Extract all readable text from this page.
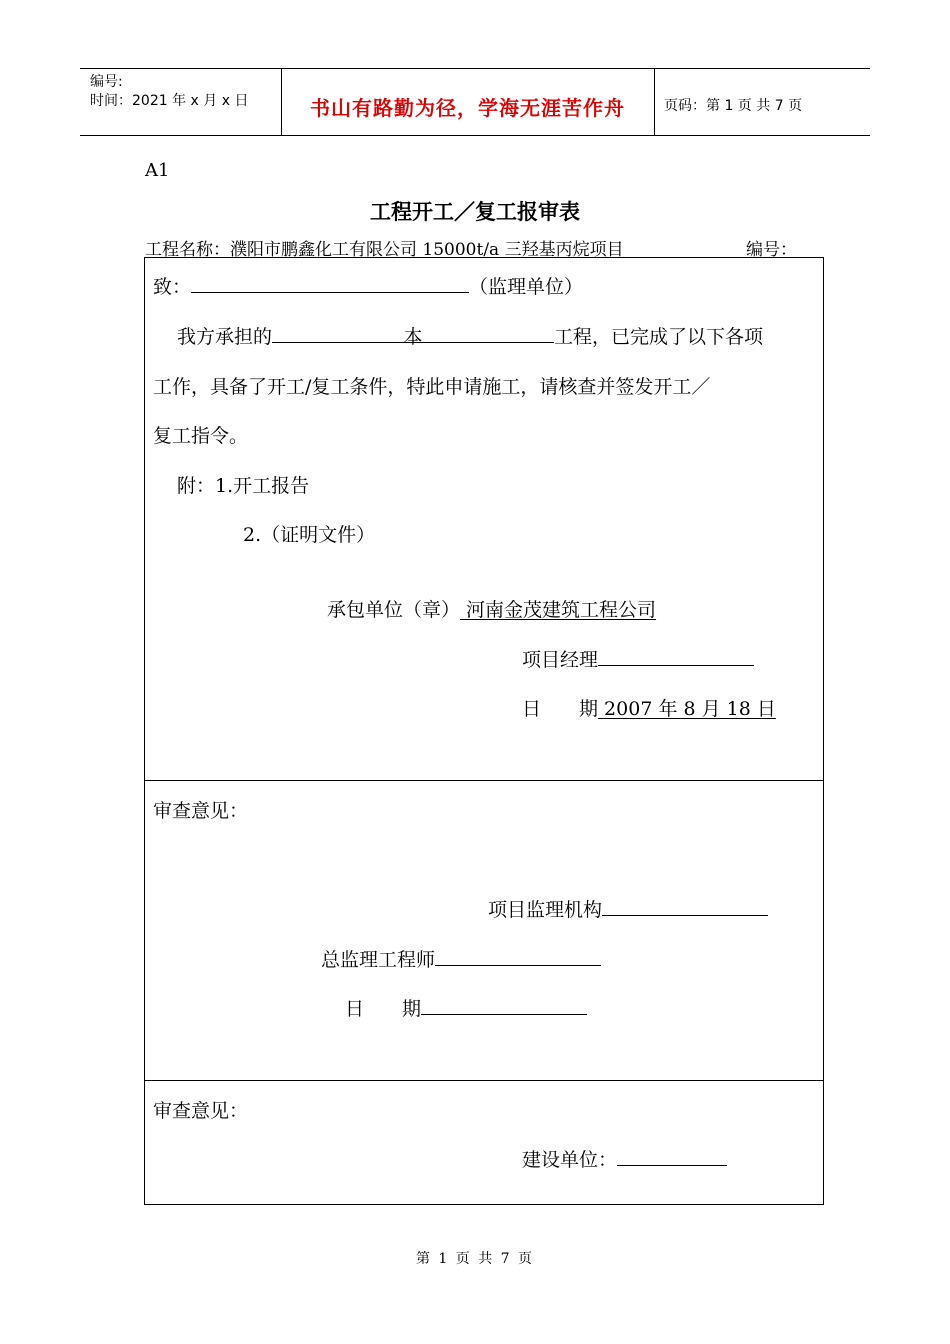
编号:
时间：2021 年 x 月 x 日	书山有路勤为径，学海无涯苦作舟	页码：第 1 页 共 7 页
A1
工程开工／复工报审表
工程名称：濮阳市鹏鑫化工有限公司 15000t/a 三羟基丙烷项目	编号：
致：	（监理单位）
我方承担的	本	工程，已完成了以下各项
工作，具备了开工/复工条件，特此申请施工，请核查并签发开工／
复工指令。
附：1.开工报告
2.（证明文件）
承包单位（章） 河南金茂建筑工程公司
项目经理
日　　期 2007 年 8 月 18 日
审查意见：
项目监理机构
总监理工程师
日　　期
审查意见：
建设单位：
第 1 页 共 7 页
